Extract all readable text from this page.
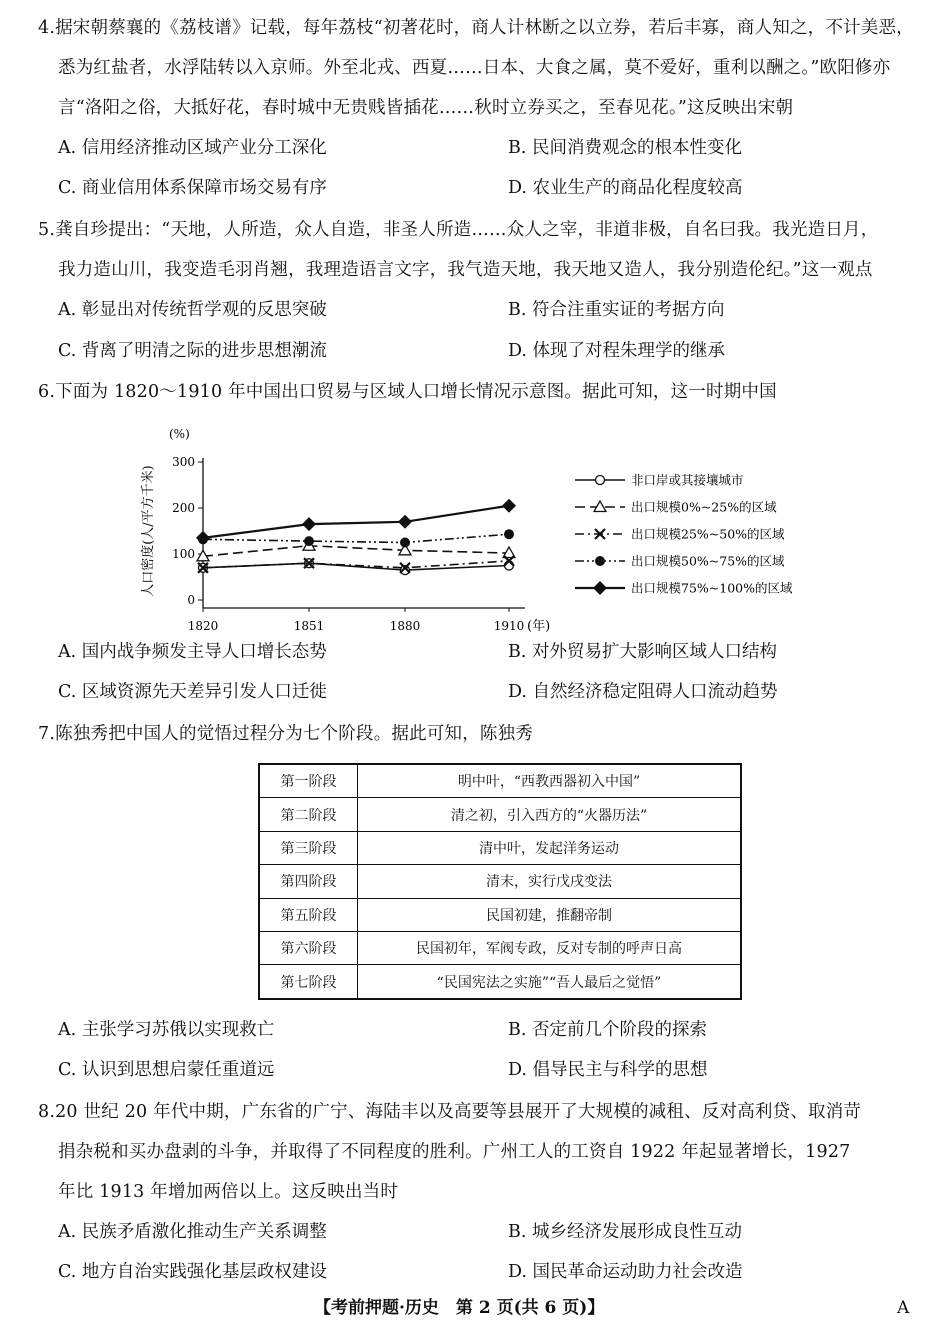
4.据宋朝蔡襄的《荔枝谱》记载，每年荔枝“初著花时，商人计林断之以立券，若后丰寡，商人知之，不计美恶，
悉为红盐者，水浮陆转以入京师。外至北戎、西夏……日本、大食之属，莫不爱好，重利以酬之。”欧阳修亦
言“洛阳之俗，大抵好花，春时城中无贵贱皆插花……秋时立券买之，至春见花。”这反映出宋朝
A. 信用经济推动区域产业分工深化	B. 民间消费观念的根本性变化
C. 商业信用体系保障市场交易有序	D. 农业生产的商品化程度较高
5.龚自珍提出：“天地，人所造，众人自造，非圣人所造……众人之宰，非道非极，自名曰我。我光造日月，
我力造山川，我变造毛羽肖翘，我理造语言文字，我气造天地，我天地又造人，我分别造伦纪。”这一观点
A. 彰显出对传统哲学观的反思突破	B. 符合注重实证的考据方向
C. 背离了明清之际的进步思想潮流	D. 体现了对程朱理学的继承
6.下面为 1820～1910 年中国出口贸易与区域人口增长情况示意图。据此可知，这一时期中国
(%)
人口密度(人/平方千米)
1820	1851	1880	1910
0
100
200
300
(年)
非口岸或其接壤城市
出口规模0%~25%的区域
出口规模25%~50%的区域
出口规模50%~75%的区域
出口规模75%~100%的区域
A. 国内战争频发主导人口增长态势	B. 对外贸易扩大影响区域人口结构
C. 区域资源先天差异引发人口迁徙	D. 自然经济稳定阻碍人口流动趋势
7.陈独秀把中国人的觉悟过程分为七个阶段。据此可知，陈独秀
第一阶段	明中叶，“西教西器初入中国”
第二阶段	清之初，引入西方的“火器历法”
第三阶段	清中叶，发起洋务运动
第四阶段	清末，实行戊戌变法
第五阶段	民国初建，推翻帝制
第六阶段	民国初年，军阀专政，反对专制的呼声日高
第七阶段	“民国宪法之实施”“吾人最后之觉悟”
A. 主张学习苏俄以实现救亡	B. 否定前几个阶段的探索
C. 认识到思想启蒙任重道远	D. 倡导民主与科学的思想
8.20 世纪 20 年代中期，广东省的广宁、海陆丰以及高要等县展开了大规模的减租、反对高利贷、取消苛
捐杂税和买办盘剥的斗争，并取得了不同程度的胜利。广州工人的工资自 1922 年起显著增长，1927
年比 1913 年增加两倍以上。这反映出当时
A. 民族矛盾激化推动生产关系调整	B. 城乡经济发展形成良性互动
C. 地方自治实践强化基层政权建设	D. 国民革命运动助力社会改造
【考前押题·历史　第 2 页(共 6 页)】	A
